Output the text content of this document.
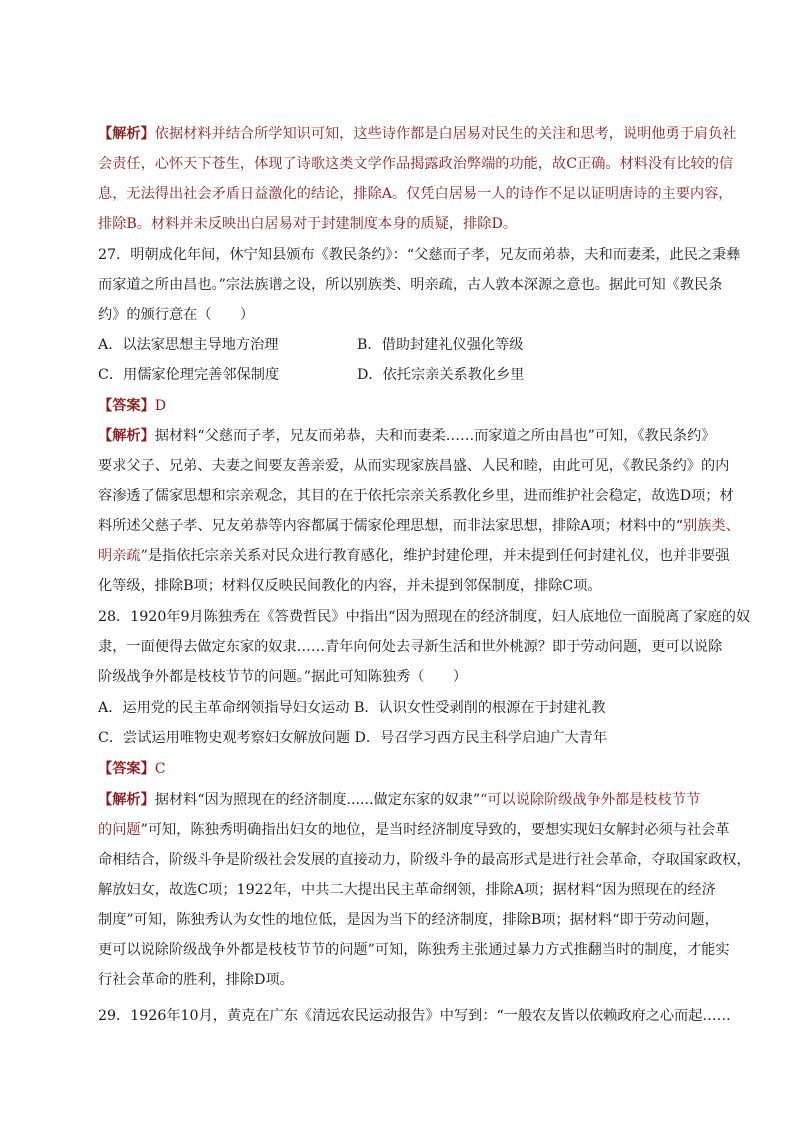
【解析】依据材料并结合所学知识可知，这些诗作都是白居易对民生的关注和思考，说明他勇于肩负社
会责任，心怀天下苍生，体现了诗歌这类文学作品揭露政治弊端的功能，故C正确。材料没有比较的信
息，无法得出社会矛盾日益激化的结论，排除A。仅凭白居易一人的诗作不足以证明唐诗的主要内容，
排除B。材料并未反映出白居易对于封建制度本身的质疑，排除D。
27．明朝成化年间，休宁知县颁布《教民条约》：“父慈而子孝，兄友而弟恭，夫和而妻柔，此民之秉彝
而家道之所由昌也。”宗法族谱之设，所以别族类、明亲疏，古人敦本深源之意也。据此可知《教民条
约》的颁行意在（　　）
A．以法家思想主导地方治理	B．借助封建礼仪强化等级
C．用儒家伦理完善邻保制度	D．依托宗亲关系教化乡里
【答案】D
【解析】据材料“父慈而子孝，兄友而弟恭，夫和而妻柔……而家道之所由昌也”可知，《教民条约》
要求父子、兄弟、夫妻之间要友善亲爱，从而实现家族昌盛、人民和睦，由此可见，《教民条约》的内
容渗透了儒家思想和宗亲观念，其目的在于依托宗亲关系教化乡里，进而维护社会稳定，故选D项；材
料所述父慈子孝、兄友弟恭等内容都属于儒家伦理思想，而非法家思想，排除A项；材料中的“别族类、
明亲疏”是指依托宗亲关系对民众进行教育感化，维护封建伦理，并未提到任何封建礼仪，也并非要强
化等级，排除B项；材料仅反映民间教化的内容，并未提到邻保制度，排除C项。
28．1920年9月陈独秀在《答费哲民》中指出“因为照现在的经济制度，妇人底地位一面脱离了家庭的奴
隶，一面便得去做定东家的奴隶……青年向何处去寻新生活和世外桃源？即于劳动问题，更可以说除
阶级战争外都是枝枝节节的问题。”据此可知陈独秀（　　）
A．运用党的民主革命纲领指导妇女运动 B．认识女性受剥削的根源在于封建礼教
C．尝试运用唯物史观考察妇女解放问题 D．号召学习西方民主科学启迪广大青年
【答案】C
【解析】据材料“因为照现在的经济制度......做定东家的奴隶”“可以说除阶级战争外都是枝枝节节
的问题”可知，陈独秀明确指出妇女的地位，是当时经济制度导致的，要想实现妇女解封必须与社会革
命相结合，阶级斗争是阶级社会发展的直接动力，阶级斗争的最高形式是进行社会革命，夺取国家政权，
解放妇女，故选C项；1922年，中共二大提出民主革命纲领，排除A项；据材料“因为照现在的经济
制度”可知，陈独秀认为女性的地位低，是因为当下的经济制度，排除B项；据材料“即于劳动问题，
更可以说除阶级战争外都是枝枝节节的问题”可知，陈独秀主张通过暴力方式推翻当时的制度，才能实
行社会革命的胜利，排除D项。
29．1926年10月，黄克在广东《清远农民运动报告》中写到：“一般农友皆以依赖政府之心而起……
